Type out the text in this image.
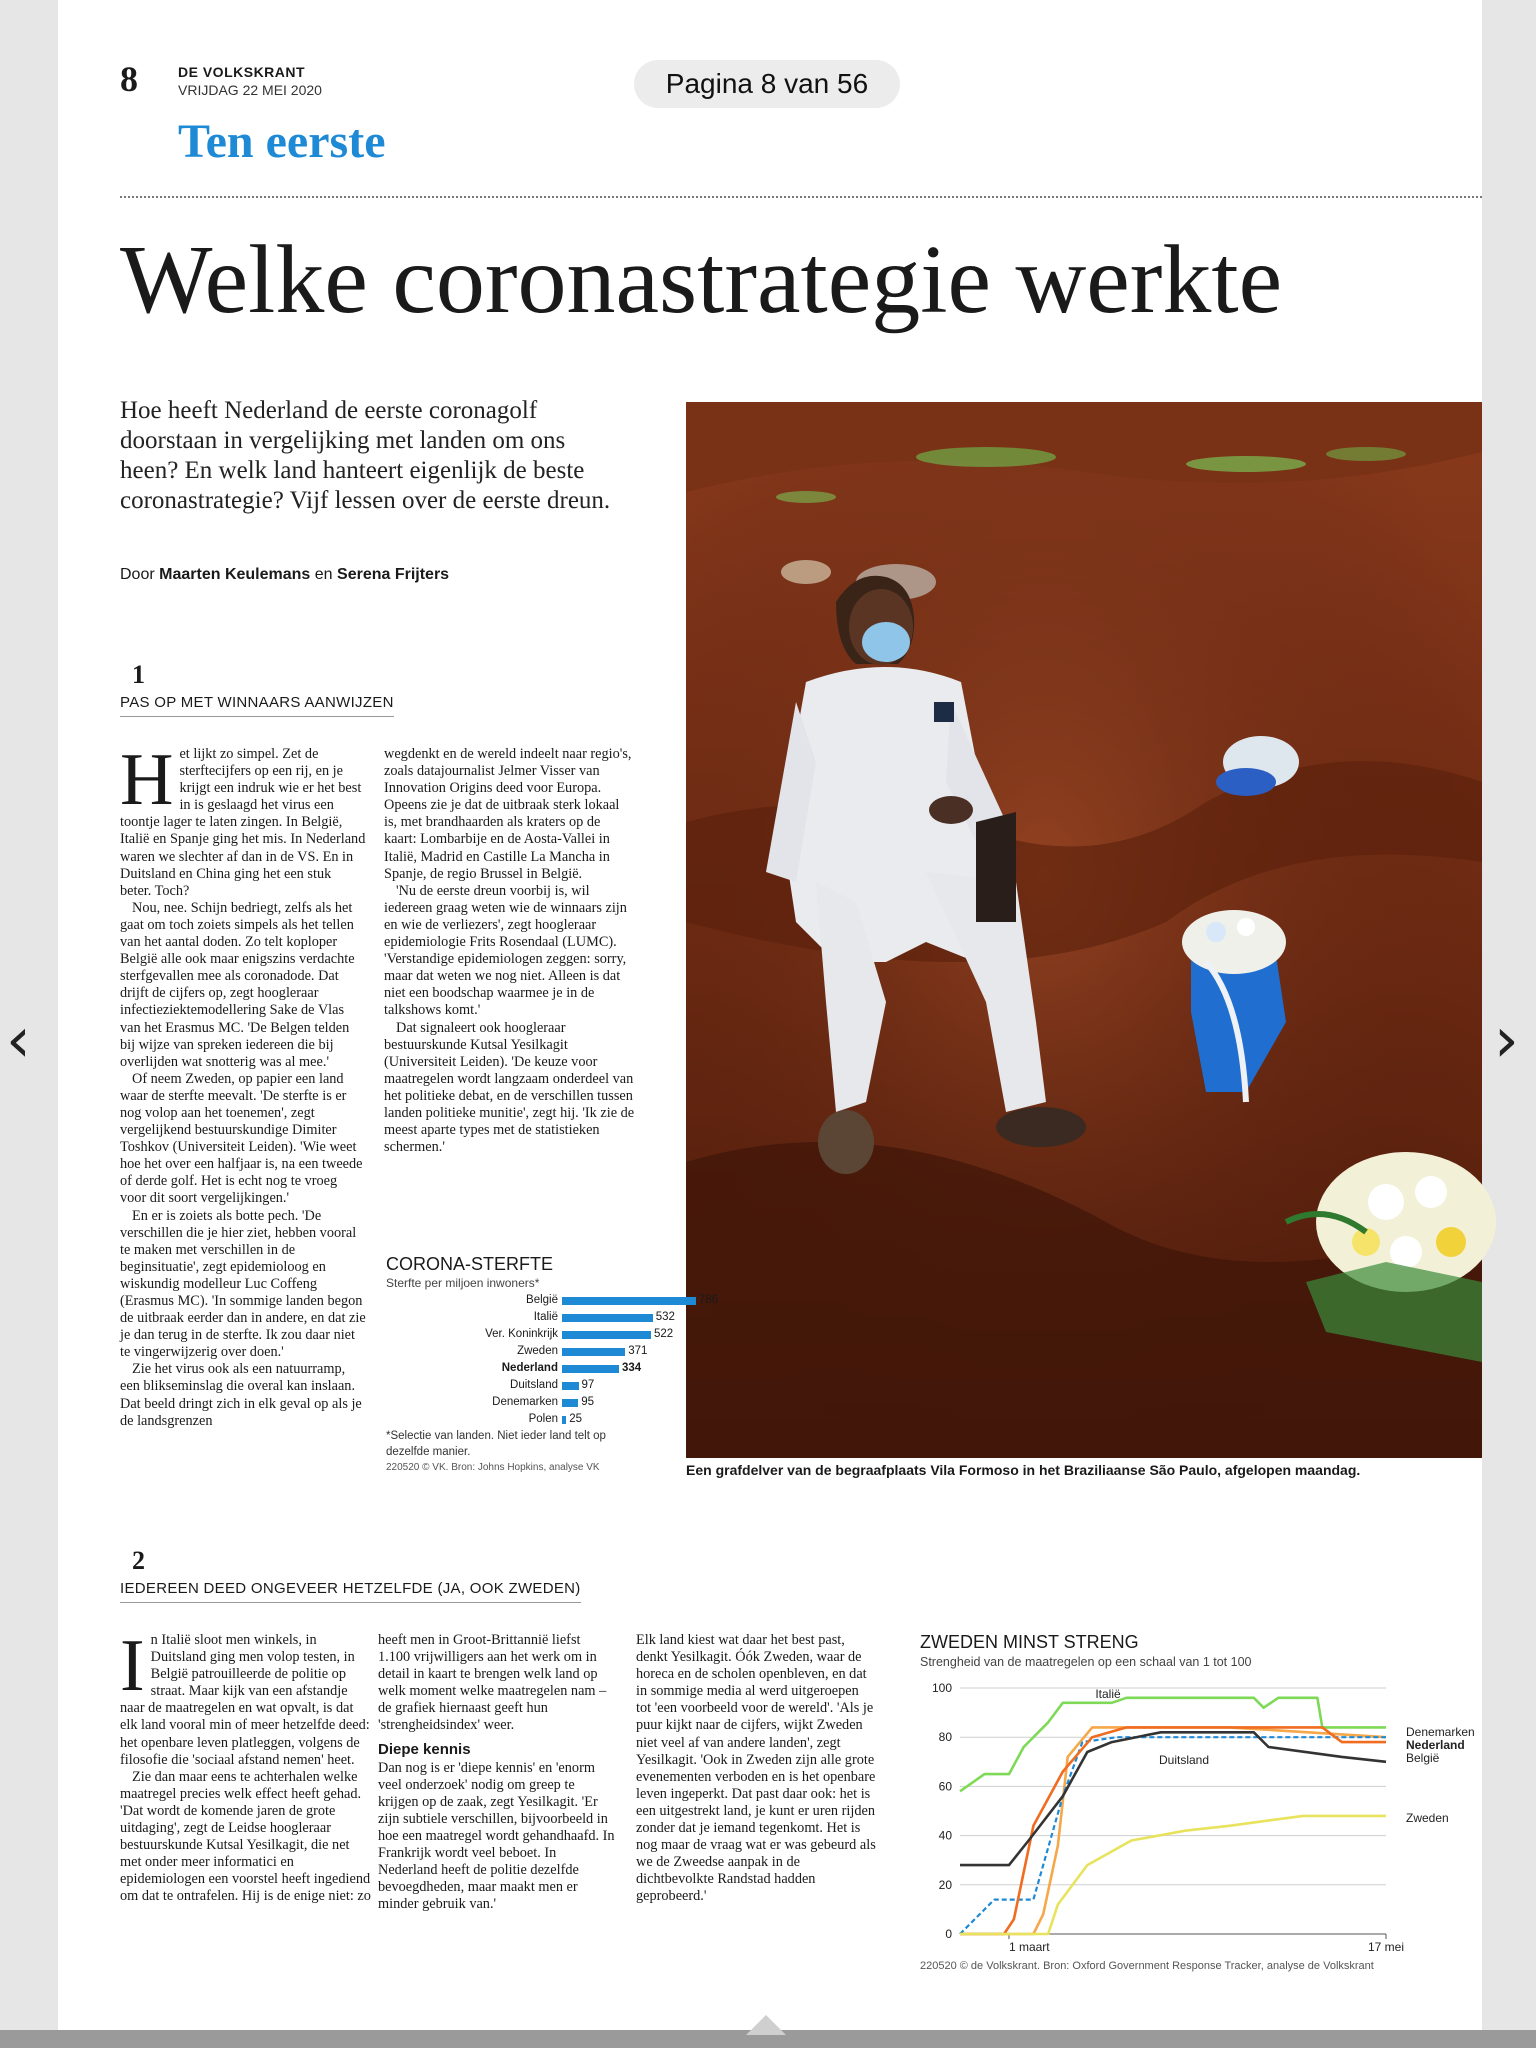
8	DE VOLKSKRANT
VRIJDAG 22 MEI 2020
Ten eerste
Pagina 8 van 56
Welke coronastrategie werkte
Hoe heeft Nederland de eerste coronagolf doorstaan in vergelijking met landen om ons heen? En welk land hanteert eigenlijk de beste coronastrategie? Vijf lessen over de eerste dreun.
Door Maarten Keulemans en Serena Frijters
Een grafdelver van de begraafplaats Vila Formoso in het Braziliaanse São Paulo, afgelopen maandag.
1
PAS OP MET WINNAARS AANWIJZEN

Het lijkt zo simpel. Zet de sterftecijfers op een rij, en je krijgt een indruk wie er het best in is geslaagd het virus een toontje lager te laten zingen. In België, Italië en Spanje ging het mis. In Nederland waren we slechter af dan in de VS. En in Duitsland en China ging het een stuk beter. Toch?

Nou, nee. Schijn bedriegt, zelfs als het gaat om toch zoiets simpels als het tellen van het aantal doden. Zo telt koploper België alle ook maar enigszins verdachte sterfgevallen mee als coronadode. Dat drijft de cijfers op, zegt hoogleraar infectieziektemodellering Sake de Vlas van het Erasmus MC. 'De Belgen telden bij wijze van spreken iedereen die bij overlijden wat snotterig was al mee.'

Of neem Zweden, op papier een land waar de sterfte meevalt. 'De sterfte is er nog volop aan het toenemen', zegt vergelijkend bestuurskundige Dimiter Toshkov (Universiteit Leiden). 'Wie weet hoe het over een halfjaar is, na een tweede of derde golf. Het is echt nog te vroeg voor dit soort vergelijkingen.'

En er is zoiets als botte pech. 'De verschillen die je hier ziet, hebben vooral te maken met verschillen in de beginsituatie', zegt epidemioloog en wiskundig modelleur Luc Coffeng (Erasmus MC). 'In sommige landen begon de uitbraak eerder dan in andere, en dat zie je dan terug in de sterfte. Ik zou daar niet te vingerwijzerig over doen.'

Zie het virus ook als een natuurramp, een blikseminslag die overal kan inslaan. Dat beeld dringt zich in elk geval op als je de landsgrenzen

wegdenkt en de wereld indeelt naar regio's, zoals datajournalist Jelmer Visser van Innovation Origins deed voor Europa. Opeens zie je dat de uitbraak sterk lokaal is, met brandhaarden als kraters op de kaart: Lombarbije en de Aosta-Vallei in Italië, Madrid en Castille La Mancha in Spanje, de regio Brussel in België.

'Nu de eerste dreun voorbij is, wil iedereen graag weten wie de winnaars zijn en wie de verliezers', zegt hoogleraar epidemiologie Frits Rosendaal (LUMC). 'Verstandige epidemiologen zeggen: sorry, maar dat weten we nog niet. Alleen is dat niet een boodschap waarmee je in de talkshows komt.'

Dat signaleert ook hoogleraar bestuurskunde Kutsal Yesilkagit (Universiteit Leiden). 'De keuze voor maatregelen wordt langzaam onderdeel van het politieke debat, en de verschillen tussen landen politieke munitie', zegt hij. 'Ik zie de meest aparte types met de statistieken schermen.'

CORONA-STERFTE
Sterfte per miljoen inwoners*
België	786
Italië	532
Ver. Koninkrijk	522
Zweden	371
Nederland	334
Duitsland 97
Denemarken 95
Polen 25
*Selectie van landen. Niet ieder land telt op dezelfde manier.
220520 © VK. Bron: Johns Hopkins, analyse VK
2
IEDEREEN DEED ONGEVEER HETZELFDE (JA, OOK ZWEDEN)

In Italië sloot men winkels, in Duitsland ging men volop testen, in België patrouilleerde de politie op straat. Maar kijk van een afstandje naar de maatregelen en wat opvalt, is dat elk land vooral min of meer hetzelfde deed: het openbare leven platleggen, volgens de filosofie die 'sociaal afstand nemen' heet.

Zie dan maar eens te achterhalen welke maatregel precies welk effect heeft gehad. 'Dat wordt de komende jaren de grote uitdaging', zegt de Leidse hoogleraar bestuurskunde Kutsal Yesilkagit, die net met onder meer informatici en epidemiologen een voorstel heeft ingediend om dat te ontrafelen. Hij is de enige niet: zo

heeft men in Groot-Brittannië liefst 1.100 vrijwilligers aan het werk om in detail in kaart te brengen welk land op welk moment welke maatregelen nam – de grafiek hiernaast geeft hun 'strengheidsindex' weer.

Diepe kennis

Dan nog is er 'diepe kennis' en 'enorm veel onderzoek' nodig om greep te krijgen op de zaak, zegt Yesilkagit. 'Er zijn subtiele verschillen, bijvoorbeeld in hoe een maatregel wordt gehandhaafd. In Frankrijk wordt veel beboet. In Nederland heeft de politie dezelfde bevoegdheden, maar maakt men er minder gebruik van.'

Elk land kiest wat daar het best past, denkt Yesilkagit. Óók Zweden, waar de horeca en de scholen openbleven, en dat in sommige media al werd uitgeroepen tot 'een voorbeeld voor de wereld'. 'Als je puur kijkt naar de cijfers, wijkt Zweden niet veel af van andere landen', zegt Yesilkagit. 'Ook in Zweden zijn alle grote evenementen verboden en is het openbare leven ingeperkt. Dat past daar ook: het is een uitgestrekt land, je kunt er uren rijden zonder dat je iemand tegenkomt. Het is nog maar de vraag wat er was gebeurd als we de Zweedse aanpak in de dichtbevolkte Randstad hadden geprobeerd.'

ZWEDEN MINST STRENG
Strengheid van de maatregelen op een schaal van 1 tot 100
0
20
40
60
80
100
1 maart	17 mei
Italië
Denemarken
Nederland
België
Duitsland
Zweden
220520 © de Volkskrant. Bron: Oxford Government Response Tracker, analyse de Volkskrant
‹	›
